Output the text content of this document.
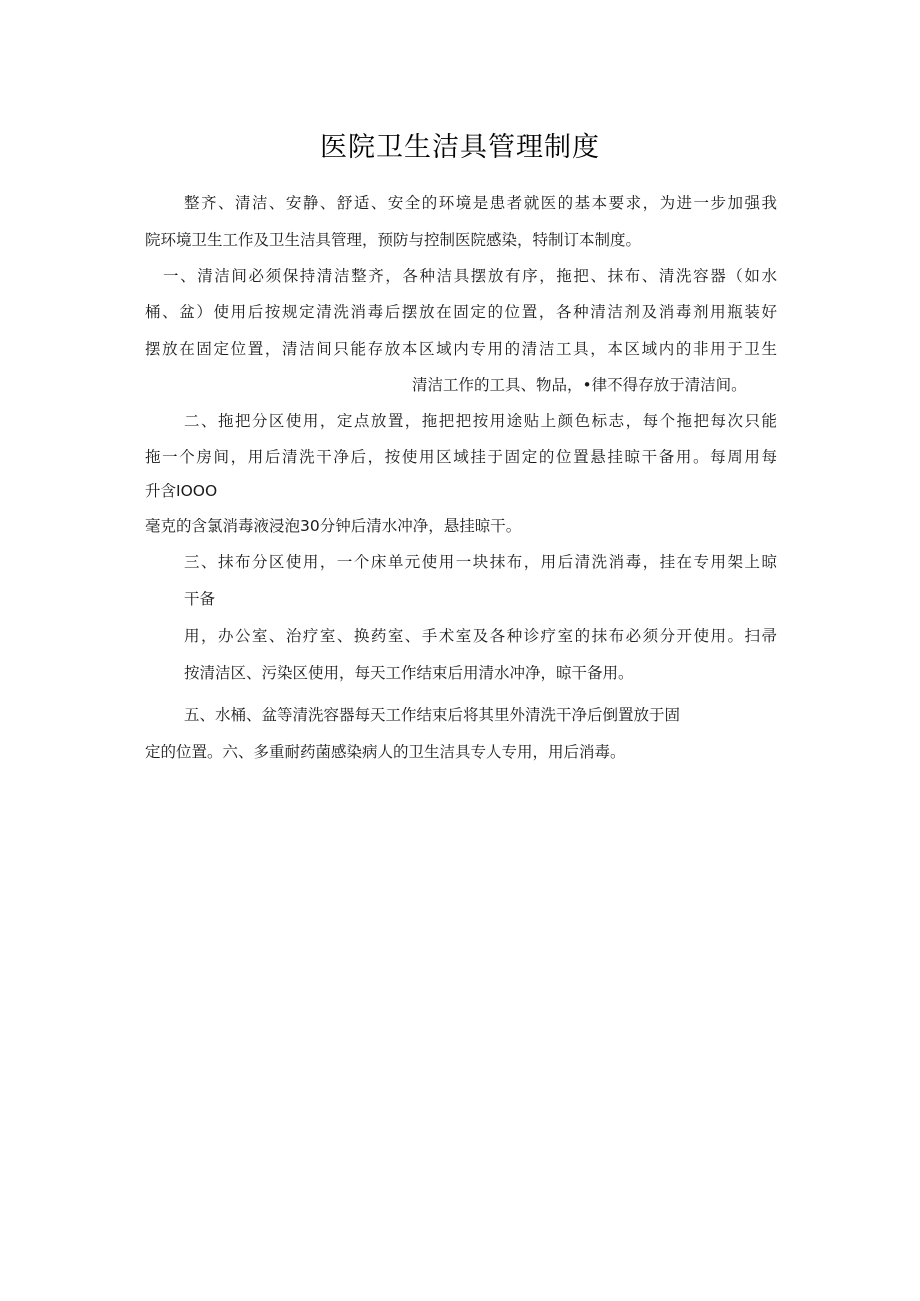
医院卫生洁具管理制度
整齐、清洁、安静、舒适、安全的环境是患者就医的基本要求，为进一步加强我
院环境卫生工作及卫生洁具管理，预防与控制医院感染，特制订本制度。
一、清洁间必须保持清洁整齐，各种洁具摆放有序，拖把、抹布、清洗容器（如水
桶、盆）使用后按规定清洗消毒后摆放在固定的位置，各种清洁剂及消毒剂用瓶装好
摆放在固定位置，清洁间只能存放本区域内专用的清洁工具，本区域内的非用于卫生
清洁工作的工具、物品，•律不得存放于清洁间。
二、拖把分区使用，定点放置，拖把把按用途贴上颜色标志，每个拖把每次只能
拖一个房间，用后清洗干净后，按使用区域挂于固定的位置悬挂晾干备用。每周用每
升含IOOO
毫克的含氯消毒液浸泡30分钟后清水冲净，悬挂晾干。
三、抹布分区使用，一个床单元使用一块抹布，用后清洗消毒，挂在专用架上晾
干备
用，办公室、治疗室、换药室、手术室及各种诊疗室的抹布必须分开使用。扫帚
按清洁区、污染区使用，每天工作结束后用清水冲净，晾干备用。
五、水桶、盆等清洗容器每天工作结束后将其里外清洗干净后倒置放于固
定的位置。六、多重耐药菌感染病人的卫生洁具专人专用，用后消毒。
